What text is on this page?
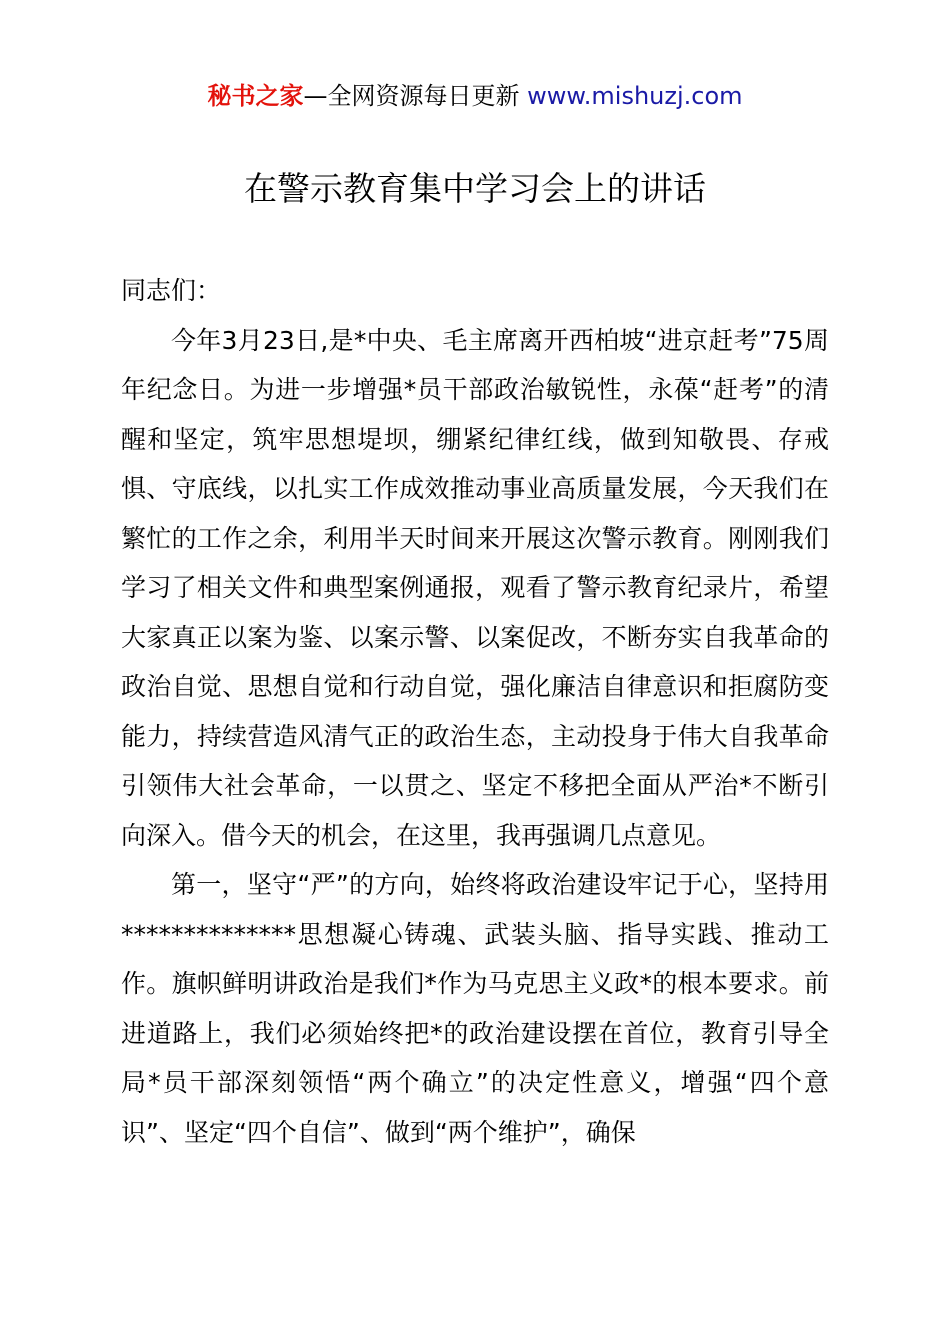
秘书之家—全网资源每日更新 www.mishuzj.com
在警示教育集中学习会上的讲话

同志们：

今年3月23日,是*中央、毛主席离开西柏坡“进京赶考”75周年纪念日。为进一步增强*员干部政治敏锐性，永葆“赶考”的清醒和坚定，筑牢思想堤坝，绷紧纪律红线，做到知敬畏、存戒惧、守底线，以扎实工作成效推动事业高质量发展，今天我们在繁忙的工作之余，利用半天时间来开展这次警示教育。刚刚我们学习了相关文件和典型案例通报，观看了警示教育纪录片，希望大家真正以案为鉴、以案示警、以案促改，不断夯实自我革命的政治自觉、思想自觉和行动自觉，强化廉洁自律意识和拒腐防变能力，持续营造风清气正的政治生态，主动投身于伟大自我革命引领伟大社会革命，一以贯之、坚定不移把全面从严治*不断引向深入。借今天的机会，在这里，我再强调几点意见。

第一，坚守“严”的方向，始终将政治建设牢记于心，坚持用**************思想凝心铸魂、武装头脑、指导实践、推动工作。旗帜鲜明讲政治是我们*作为马克思主义政*的根本要求。前进道路上，我们必须始终把*的政治建设摆在首位，教育引导全局*员干部深刻领悟“两个确立”的决定性意义，增强“四个意识”、坚定“四个自信”、做到“两个维护”，确保
